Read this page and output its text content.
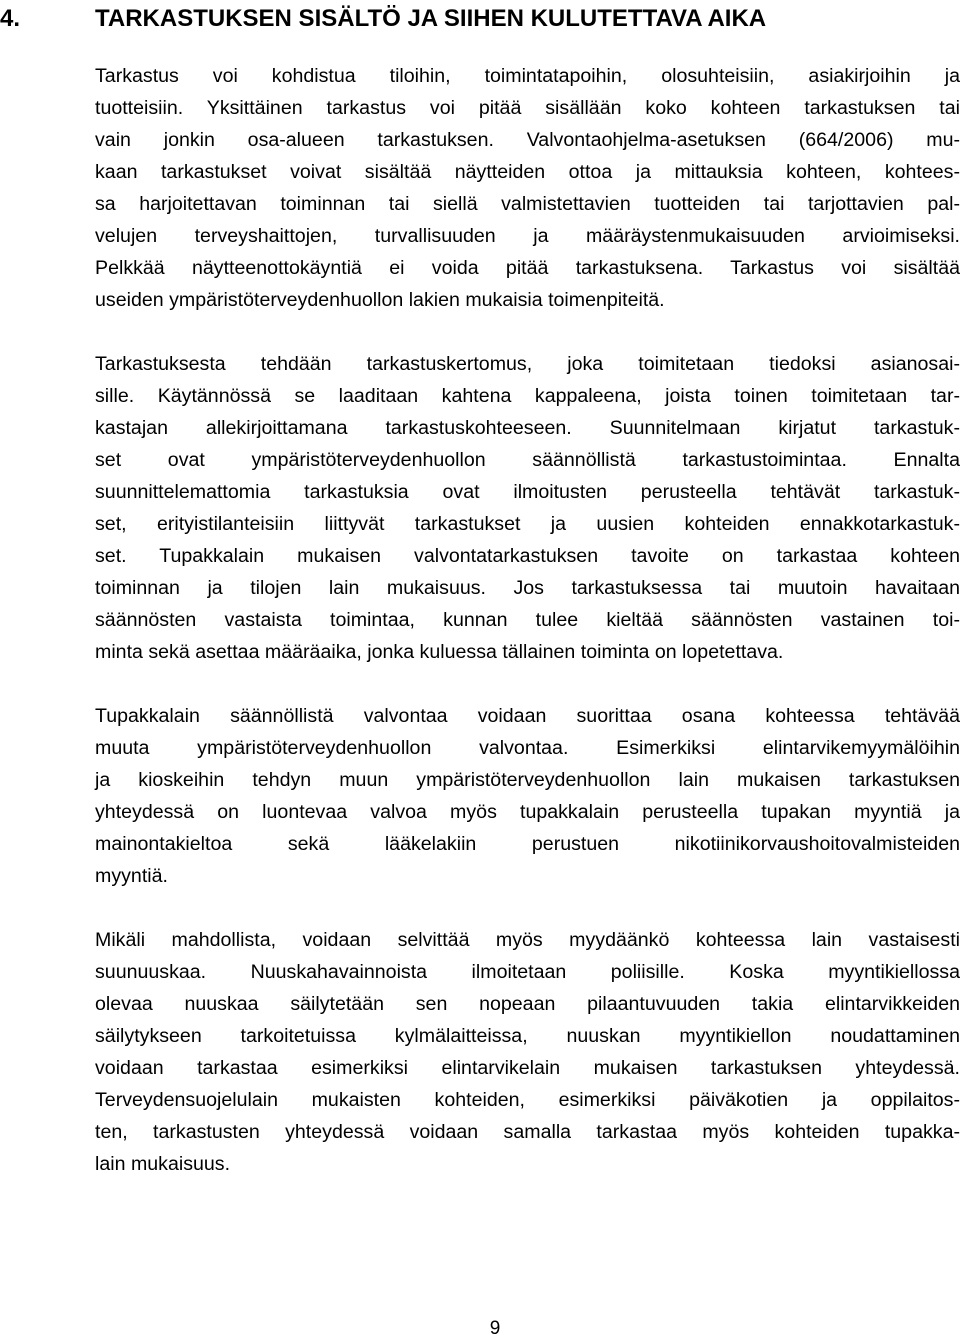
4.	TARKASTUKSEN SISÄLTÖ JA SIIHEN KULUTETTAVA AIKA

Tarkastus voi kohdistua tiloihin, toimintatapoihin, olosuhteisiin, asiakirjoihin ja
tuotteisiin. Yksittäinen tarkastus voi pitää sisällään koko kohteen tarkastuksen tai
vain jonkin osa-alueen tarkastuksen. Valvontaohjelma-asetuksen (664/2006) mu-
kaan tarkastukset voivat sisältää näytteiden ottoa ja mittauksia kohteen, kohtees-
sa harjoitettavan toiminnan tai siellä valmistettavien tuotteiden tai tarjottavien pal-
velujen terveyshaittojen, turvallisuuden ja määräystenmukaisuuden arvioimiseksi.
Pelkkää näytteenottokäyntiä ei voida pitää tarkastuksena. Tarkastus voi sisältää
useiden ympäristöterveydenhuollon lakien mukaisia toimenpiteitä.

Tarkastuksesta tehdään tarkastuskertomus, joka toimitetaan tiedoksi asianosai-
sille. Käytännössä se laaditaan kahtena kappaleena, joista toinen toimitetaan tar-
kastajan allekirjoittamana tarkastuskohteeseen. Suunnitelmaan kirjatut tarkastuk-
set ovat ympäristöterveydenhuollon säännöllistä tarkastustoimintaa. Ennalta
suunnittelemattomia tarkastuksia ovat ilmoitusten perusteella tehtävät tarkastuk-
set, erityistilanteisiin liittyvät tarkastukset ja uusien kohteiden ennakkotarkastuk-
set. Tupakkalain mukaisen valvontatarkastuksen tavoite on tarkastaa kohteen
toiminnan ja tilojen lain mukaisuus. Jos tarkastuksessa tai muutoin havaitaan
säännösten vastaista toimintaa, kunnan tulee kieltää säännösten vastainen toi-
minta sekä asettaa määräaika, jonka kuluessa tällainen toiminta on lopetettava.

Tupakkalain säännöllistä valvontaa voidaan suorittaa osana kohteessa tehtävää
muuta ympäristöterveydenhuollon valvontaa. Esimerkiksi elintarvikemyymälöihin
ja kioskeihin tehdyn muun ympäristöterveydenhuollon lain mukaisen tarkastuksen
yhteydessä on luontevaa valvoa myös tupakkalain perusteella tupakan myyntiä ja
mainontakieltoa sekä lääkelakiin perustuen nikotiinikorvaushoitovalmisteiden
myyntiä.

Mikäli mahdollista, voidaan selvittää myös myydäänkö kohteessa lain vastaisesti
suunuuskaa. Nuuskahavainnoista ilmoitetaan poliisille. Koska myyntikiellossa
olevaa nuuskaa säilytetään sen nopeaan pilaantuvuuden takia elintarvikkeiden
säilytykseen tarkoitetuissa kylmälaitteissa, nuuskan myyntikiellon noudattaminen
voidaan tarkastaa esimerkiksi elintarvikelain mukaisen tarkastuksen yhteydessä.
Terveydensuojelulain mukaisten kohteiden, esimerkiksi päiväkotien ja oppilaitos-
ten, tarkastusten yhteydessä voidaan samalla tarkastaa myös kohteiden tupakka-
lain mukaisuus.

9
